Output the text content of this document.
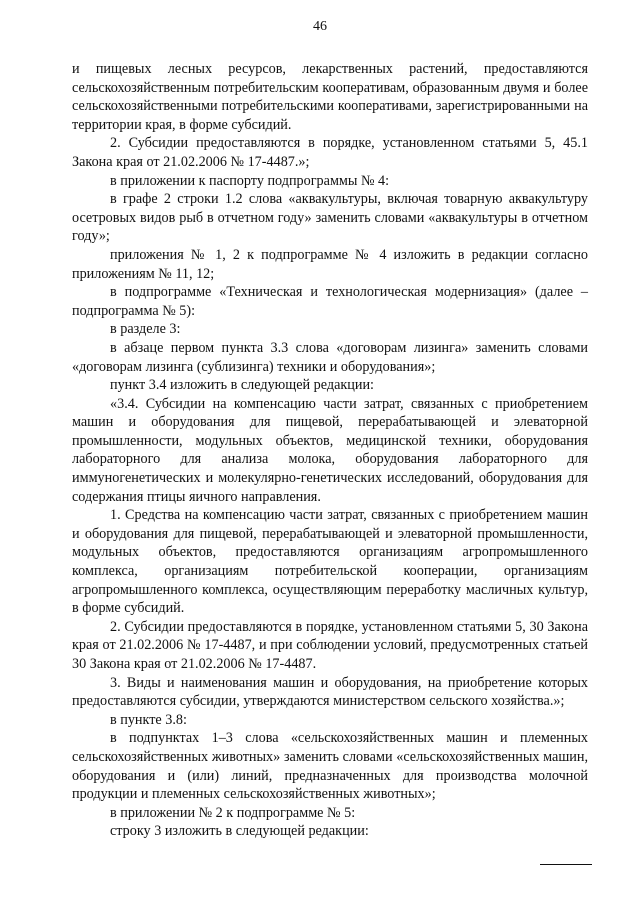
46

и пищевых лесных ресурсов, лекарственных растений, предоставляются сельскохозяйственным потребительским кооперативам, образованным двумя и более сельскохозяйственными потребительскими кооперативами, зарегистрированными на территории края, в форме субсидий.

2. Субсидии предоставляются в порядке, установленном статьями 5, 45.1 Закона края от 21.02.2006 № 17-4487.»;

в приложении к паспорту подпрограммы № 4:

в графе 2 строки 1.2 слова «аквакультуры, включая товарную аквакультуру осетровых видов рыб в отчетном году» заменить словами «аквакультуры в отчетном году»;

приложения № 1, 2 к подпрограмме № 4 изложить в редакции согласно приложениям № 11, 12;

в подпрограмме «Техническая и технологическая модернизация» (далее – подпрограмма № 5):

в разделе 3:

в абзаце первом пункта 3.3 слова «договорам лизинга» заменить словами «договорам лизинга (сублизинга) техники и оборудования»;

пункт 3.4 изложить в следующей редакции:

«3.4. Субсидии на компенсацию части затрат, связанных с приобретением машин и оборудования для пищевой, перерабатывающей и элеваторной промышленности, модульных объектов, медицинской техники, оборудования лабораторного для анализа молока, оборудования лабораторного для иммуногенетических и молекулярно-генетических исследований, оборудования для содержания птицы яичного направления.

1. Средства на компенсацию части затрат, связанных с приобретением машин и оборудования для пищевой, перерабатывающей и элеваторной промышленности, модульных объектов, предоставляются организациям агропромышленного комплекса, организациям потребительской кооперации, организациям агропромышленного комплекса, осуществляющим переработку масличных культур, в форме субсидий.

2. Субсидии предоставляются в порядке, установленном статьями 5, 30 Закона края от 21.02.2006 № 17-4487, и при соблюдении условий, предусмотренных статьей 30 Закона края от 21.02.2006 № 17-4487.

3. Виды и наименования машин и оборудования, на приобретение которых предоставляются субсидии, утверждаются министерством сельского хозяйства.»;

в пункте 3.8:

в подпунктах 1–3 слова «сельскохозяйственных машин и племенных сельскохозяйственных животных» заменить словами «сельскохозяйственных машин, оборудования и (или) линий, предназначенных для производства молочной продукции и племенных сельскохозяйственных животных»;

в приложении № 2 к подпрограмме № 5:

строку 3 изложить в следующей редакции:
